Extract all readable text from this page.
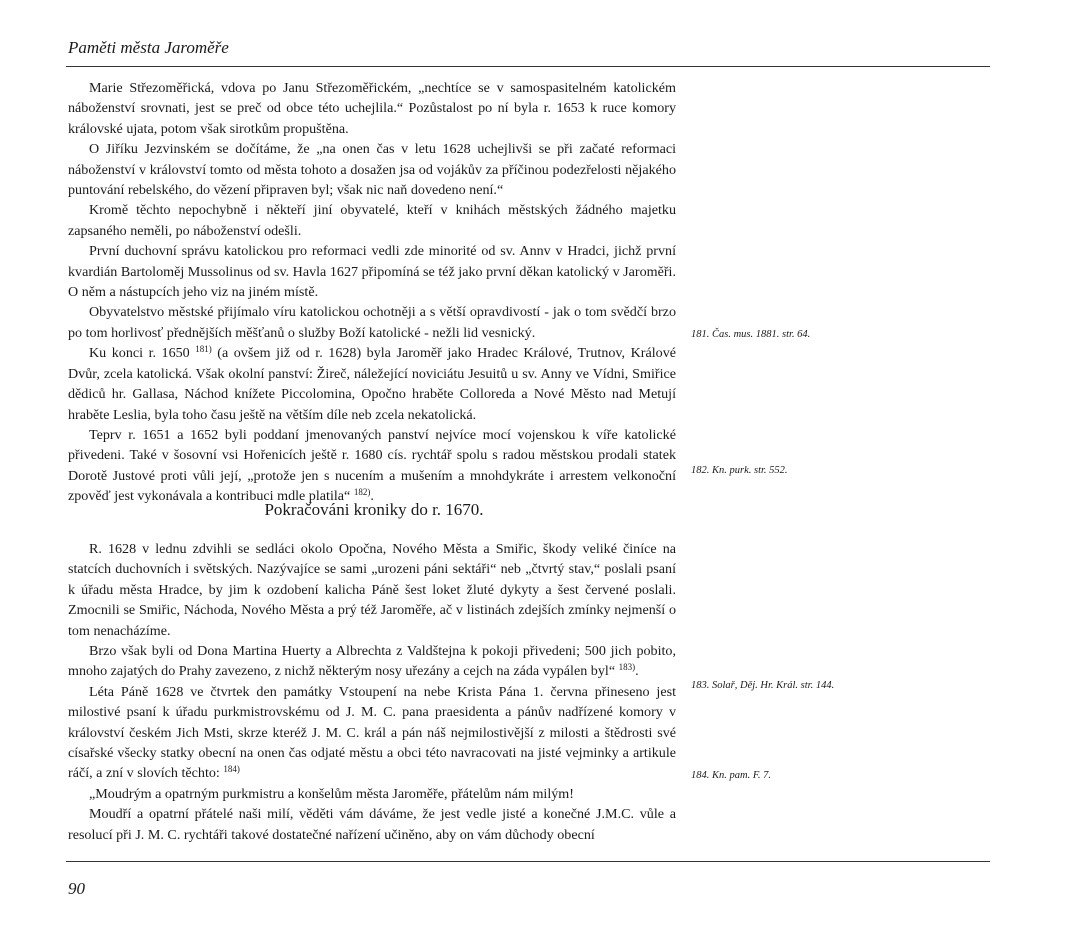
Paměti města Jaroměře

Marie Střezoměřická, vdova po Janu Střezoměřickém, „nechtíce se v samospasitelném katolickém náboženství srovnati, jest se preč od obce této uchejlila.“ Pozůstalost po ní byla r. 1653 k ruce komory královské ujata, potom však sirotkům propuštěna.

O Jiříku Jezvinském se dočítáme, že „na onen čas v letu 1628 uchejlivši se při začaté reformaci náboženství v království tomto od města tohoto a dosažen jsa od vojákův za příčinou podezřelosti nějakého puntování rebelského, do vězení připraven byl; však nic naň dovedeno není.“

Kromě těchto nepochybně i někteří jiní obyvatelé, kteří v knihách městských žádného majetku zapsaného neměli, po náboženství odešli.

První duchovní správu katolickou pro reformaci vedli zde minorité od sv. Annv v Hradci, jichž první kvardián Bartoloměj Mussolinus od sv. Havla 1627 připomíná se též jako první děkan katolický v Jaroměři. O něm a nástupcích jeho viz na jiném místě.

Obyvatelstvo městské přijímalo víru katolickou ochotněji a s větší opravdivostí - jak o tom svědčí brzo po tom horlivosť přednějších měšťanů o služby Boží katolické - nežli lid vesnický.

Ku konci r. 1650 $^{181)}$ (a ovšem již od r. 1628) byla Jaroměř jako Hradec Králové, Trutnov, Králové Dvůr, zcela katolická. Však okolní panství: Žireč, náležející noviciátu Jesuitů u sv. Anny ve Vídni, Smiřice dědiců hr. Gallasa, Náchod knížete Piccolomina, Opočno hraběte Colloreda a Nové Město nad Metují hraběte Leslia, byla toho času ještě na větším díle neb zcela nekatolická.

Teprv r. 1651 a 1652 byli poddaní jmenovaných panství nejvíce mocí vojenskou k víře katolické přivedeni. Také v šosovní vsi Hořenicích ještě r. 1680 cís. rychtář spolu s radou městskou prodali statek Dorotě Justové proti vůli její, „protože jen s nucením a mušením a mnohdykráte i arrestem velkonoční zpověď jest vykonávala a kontribuci mdle platila“ $^{182)}$.

Pokračováni kroniky do r. 1670.

R. 1628 v lednu zdvihli se sedláci okolo Opočna, Nového Města a Smiřic, škody veliké činíce na statcích duchovních i světských. Nazývajíce se sami „urozeni páni sektáři“ neb „čtvrtý stav,“ poslali psaní k úřadu města Hradce, by jim k ozdobení kalicha Páně šest loket žluté dykyty a šest červené poslali. Zmocnili se Smiřic, Náchoda, Nového Města a prý též Jaroměře, ač v listinách zdejších zmínky nejmenší o tom nenacházíme.

Brzo však byli od Dona Martina Huerty a Albrechta z Valdštejna k pokoji přivedeni; 500 jich pobito, mnoho zajatých do Prahy zavezeno, z nichž některým nosy uřezány a cejch na záda vypálen byl“ $^{183)}$.

Léta Páně 1628 ve čtvrtek den památky Vstoupení na nebe Krista Pána 1. června přineseno jest milostivé psaní k úřadu purkmistrovskému od J. M. C. pana praesidenta a pánův nadřízené komory v království českém Jich Msti, skrze kteréž J. M. C. král a pán náš nejmilostivější z milosti a štědrosti své císařské všecky statky obecní na onen čas odjaté městu a obci této navracovati na jisté vejminky a artikule ráčí, a zní v slovích těchto: $^{184)}$

„Moudrým a opatrným purkmistru a konšelům města Jaroměře, přátelům nám milým!

Moudří a opatrní přátelé naši milí, věděti vám dáváme, že jest vedle jisté a konečné J.M.C. vůle a resolucí při J. M. C. rychtáři takové dostatečné nařízení učiněno, aby on vám důchody obecní

181. Čas. mus. 1881. str. 64.
182. Kn. purk. str. 552.
183. Solař, Děj. Hr. Král. str. 144.
184. Kn. pam. F. 7.
90
